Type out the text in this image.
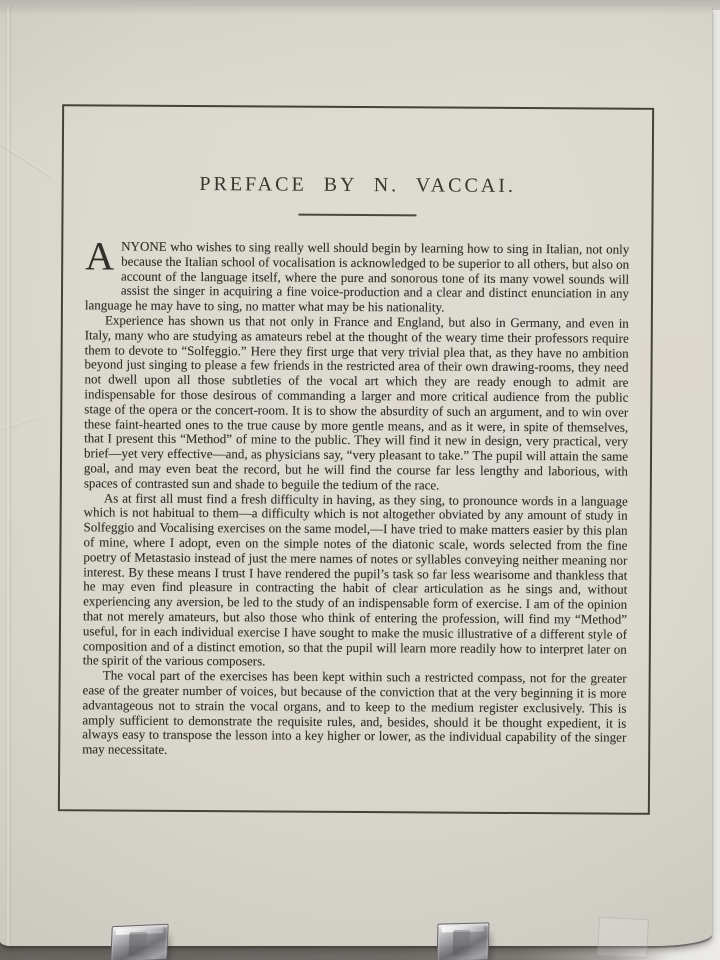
PREFACE BY N. VACCAI.

ANYONE who wishes to sing really well should begin by learning how to sing in Italian, not only because the Italian school of vocalisation is acknowledged to be superior to all others, but also on account of the language itself, where the pure and sonorous tone of its many vowel sounds will assist the singer in acquiring a fine voice-production and a clear and distinct enunciation in any language he may have to sing, no matter what may be his nationality.

Experience has shown us that not only in France and England, but also in Germany, and even in Italy, many who are studying as amateurs rebel at the thought of the weary time their professors require them to devote to “Solfeggio.” Here they first urge that very trivial plea that, as they have no ambition beyond just singing to please a few friends in the restricted area of their own drawing-rooms, they need not dwell upon all those subtleties of the vocal art which they are ready enough to admit are indispensable for those desirous of commanding a larger and more critical audience from the public stage of the opera or the concert-room. It is to show the absurdity of such an argument, and to win over these faint-hearted ones to the true cause by more gentle means, and as it were, in spite of themselves, that I present this “Method” of mine to the public. They will find it new in design, very practical, very brief—yet very effective—and, as physicians say, “very pleasant to take.” The pupil will attain the same goal, and may even beat the record, but he will find the course far less lengthy and laborious, with spaces of contrasted sun and shade to beguile the tedium of the race.

As at first all must find a fresh difficulty in having, as they sing, to pronounce words in a language which is not habitual to them—a difficulty which is not altogether obviated by any amount of study in Solfeggio and Vocalising exercises on the same model,—I have tried to make matters easier by this plan of mine, where I adopt, even on the simple notes of the diatonic scale, words selected from the fine poetry of Metastasio instead of just the mere names of notes or syllables conveying neither meaning nor interest. By these means I trust I have rendered the pupil’s task so far less wearisome and thankless that he may even find pleasure in contracting the habit of clear articulation as he sings and, without experiencing any aversion, be led to the study of an indispensable form of exercise. I am of the opinion that not merely amateurs, but also those who think of entering the profession, will find my “Method” useful, for in each individual exercise I have sought to make the music illustrative of a different style of composition and of a distinct emotion, so that the pupil will learn more readily how to interpret later on the spirit of the various composers.

The vocal part of the exercises has been kept within such a restricted compass, not for the greater ease of the greater number of voices, but because of the conviction that at the very beginning it is more advantageous not to strain the vocal organs, and to keep to the medium register exclusively. This is amply sufficient to demonstrate the requisite rules, and, besides, should it be thought expedient, it is always easy to transpose the lesson into a key higher or lower, as the individual capability of the singer may necessitate.
